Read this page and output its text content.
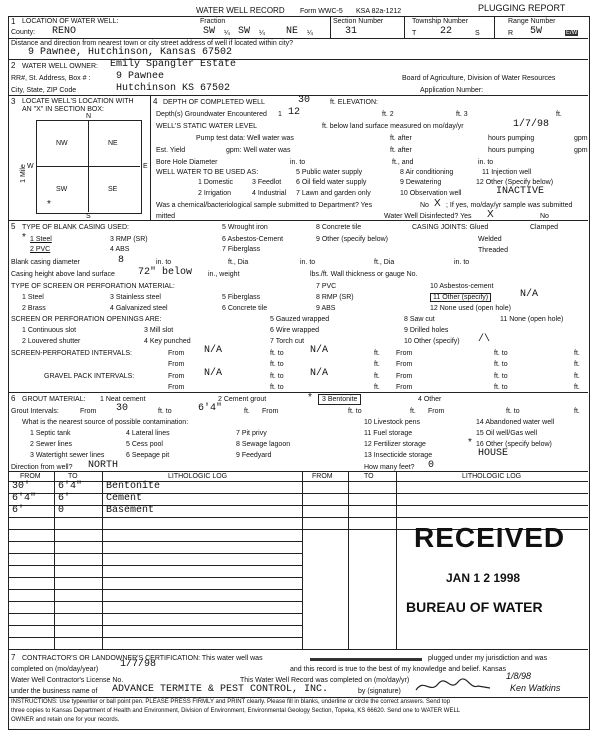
WATER WELL RECORD Form WWC-5 KSA 82a-1212	PLUGGING REPORT
1 LOCATION OF WATER WELL:	Fraction	Section Number	Township Number	Range Number
County: RENO	SW ¼ SW ¼ NE ¼	31	T 22	S	R 5W	E/W
Distance and direction from nearest town or city street address of well if located within city?
9 Pawnee, Hutchinson, Kansas 67502
2 WATER WELL OWNER: Emily Spangler Estate
RR#, St. Address, Box # :	9 Pawnee	Board of Agriculture, Division of Water Resources
City, State, ZIP Code	Hutchinson KS 67502	Application Number:
3 LOCATE WELL'S LOCATION WITH
AN "X" IN SECTION BOX:
N
S
W	E
NW	NE
SW	SE
1 Mile
*
4 DEPTH OF COMPLETED WELL	30	ft. ELEVATION:
Depth(s) Groundwater Encountered 1 12	ft. 2	ft. 3	ft.
WELL'S STATIC WATER LEVEL	ft. below land surface measured on mo/day/yr	1/7/98
Pump test data: Well water was	ft. after	hours pumping	gpm
Est. Yield	gpm: Well water was	ft. after	hours pumping	gpm
Bore Hole Diameter	in. to	ft., and	in. to
WELL WATER TO BE USED AS:
1 Domestic
2 Irrigation
3 Feedlot
4 Industrial
5 Public water supply
6 Oil field water supply
7 Lawn and garden only
8 Air conditioning
9 Dewatering
10 Observation well
11 Injection well
12 Other (Specify below)
INACTIVE
Was a chemical/bacteriological sample submitted to Department? Yes	No X ; If yes, mo/day/yr sample was submitted
mitted	Water Well Disinfected? Yes X	No
5 TYPE OF BLANK CASING USED:
* 1 Steel
2 PVC
3 RMP (SR)
4 ABS
5 Wrought iron
6 Asbestos-Cement
7 Fiberglass
8 Concrete tile
9 Other (specify below)
CASING JOINTS: Glued	Clamped
Welded
Threaded
Blank casing diameter	8	in. to	ft., Dia	in. to	ft., Dia	in. to
Casing height above land surface 72" below in., weight	lbs./ft. Wall thickness or gauge No.
TYPE OF SCREEN OR PERFORATION MATERIAL:
1 Steel
2 Brass
3 Stainless steel
4 Galvanized steel
5 Fiberglass
6 Concrete tile
7 PVC
8 RMP (SR)
9 ABS
10 Asbestos-cement
11 Other (specify)	N/A
12 None used (open hole)
SCREEN OR PERFORATION OPENINGS ARE:
1 Continuous slot
2 Louvered shutter
3 Mill slot
4 Key punched
5 Gauzed wrapped
6 Wire wrapped
7 Torch cut
8 Saw cut
9 Drilled holes
10 Other (specify) /\
11 None (open hole)
SCREEN-PERFORATED INTERVALS:	From N/A	ft. to	N/A	ft. From	ft. to	ft.
From	ft. to	ft. From	ft. to	ft.
GRAVEL PACK INTERVALS:	From N/A	ft. to	N/A	ft. From	ft. to	ft.
From	ft. to	ft. From	ft. to	ft.
6 GROUT MATERIAL: 1 Neat cement	2 Cement grout	*	3 Bentonite	4 Other
Grout Intervals:	From 30	ft. to	6'4"	ft. From	ft. to	ft. From	ft. to	ft.
What is the nearest source of possible contamination:
1 Septic tank
2 Sewer lines
3 Watertight sewer lines
4 Lateral lines
5 Cess pool
6 Seepage pit
7 Pit privy
8 Sewage lagoon
9 Feedyard
10 Livestock pens
11 Fuel storage
12 Fertilizer storage
13 Insecticide storage
14 Abandoned water well
15 Oil well/Gas well
* 16 Other (specify below)
HOUSE
Direction from well? NORTH	How many feet? 0
FROM	TO	LITHOLOGIC LOG	FROM	TO	LITHOLOGIC LOG
30'	6'4" Bentonite
6'4" 6'	Cement
6'	0	Basement
RECEIVED
JAN 1 2 1998
BUREAU OF WATER
7 CONTRACTOR'S OR LANDOWNER'S CERTIFICATION: This water well was	plugged under my jurisdiction and was
completed on (mo/day/year) 1/7/98	and this record is true to the best of my knowledge and belief. Kansas
Water Well Contractor's License No.	This Water Well Record was completed on (mo/day/yr)	1/8/98
under the business name of ADVANCE TERMITE & PEST CONTROL, INC.	by (signature)	Ken Watkins
INSTRUCTIONS: Use typewriter or ball point pen. PLEASE PRESS FIRMLY and PRINT clearly. Please fill in blanks, underline or circle the correct answers. Send top
three copies to Kansas Department of Health and Environment, Division of Environment, Environmental Geology Section, Topeka, KS 66620. Send one to WATER WELL
OWNER and retain one for your records.
